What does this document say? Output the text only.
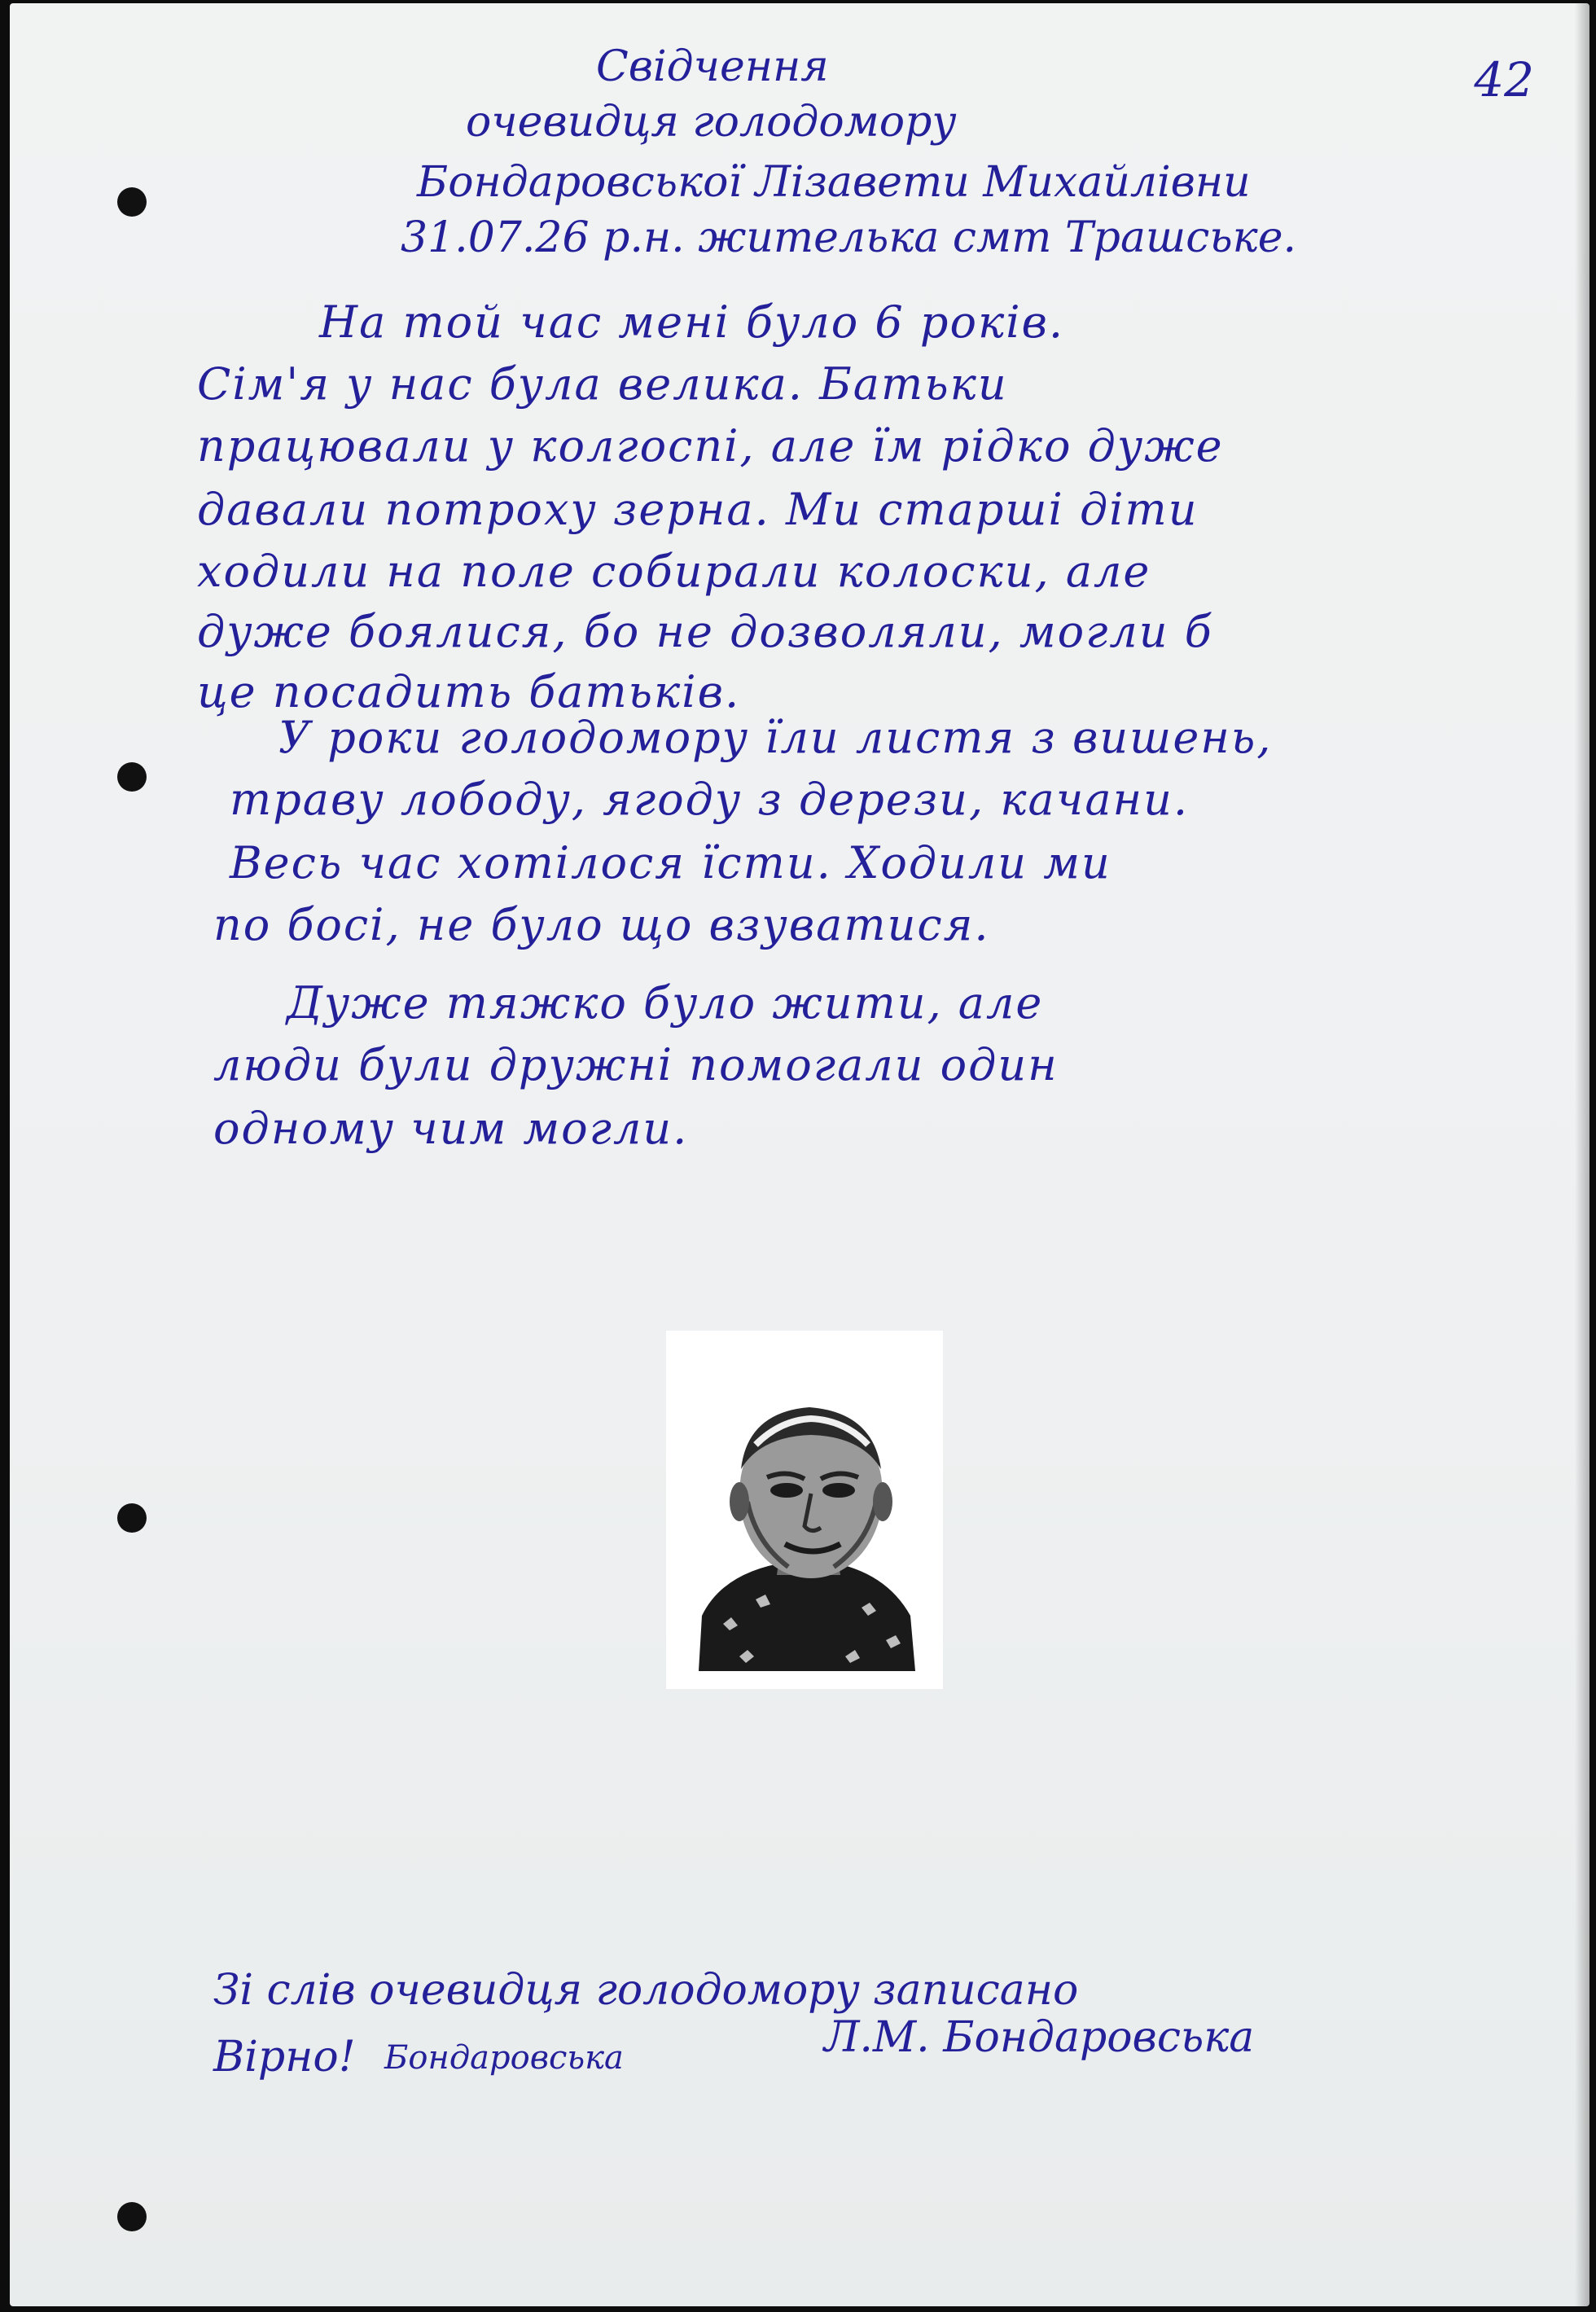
42
Свідчення
очевидця голодомору
Бондаровської Лізавети Михайлівни
31.07.26 р.н. жителька смт Трашське.
На той час мені було 6 років.
Сім'я у нас була велика. Батьки
працювали у колгоспі, але їм рідко дуже
давали потроху зерна. Ми старші діти
ходили на поле собирали колоски, але
дуже боялися, бо не дозволяли, могли б
це посадить батьків.
У роки голодомору їли листя з вишень,
траву лободу, ягоду з дерези, качани.
Весь час хотілося їсти. Ходили ми
по босі, не було що взуватися.
Дуже тяжко було жити, але
люди були дружні помогали один
одному чим могли.
Зі слів очевидця голодомору записано
Вірно! Бондаровська	Л.М. Бондаровська
